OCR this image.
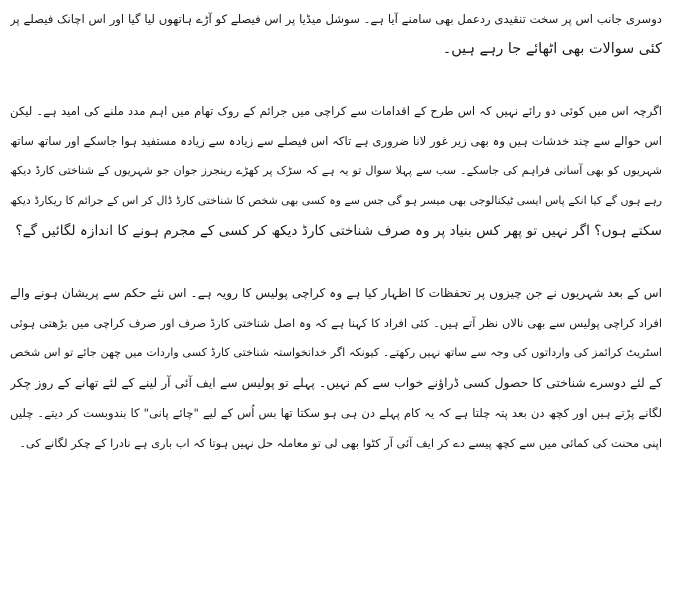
دوسری جانب اس پر سخت تنقیدی ردعمل بھی سامنے آیا ہے۔ سوشل میڈیا پر اس فیصلے کو آڑے ہاتھوں لیا گیا اور اس اچانک فیصلے پر
کئی سوالات بھی اٹھائے جا رہے ہیں۔
اگرچہ اس میں کوئی دو رائے نہیں کہ اس طرح کے اقدامات سے کراچی میں جرائم کے روک تھام میں اہم مدد ملنے کی امید ہے۔ لیکن
اس حوالے سے چند خدشات ہیں وہ بھی زیر غور لانا ضروری ہے تاکہ اس فیصلے سے زیادہ سے زیادہ مستفید ہوا جاسکے اور ساتھ ساتھ
شہریوں کو بھی آسانی فراہم کی جاسکے۔ سب سے پہلا سوال تو یہ ہے کہ سڑک پر کھڑے رینجرز جوان جو شہریوں کے شناختی کارڈ دیکھ
رہے ہوں گے کیا انکے پاس ایسی ٹیکنالوجی بھی میسر ہو گی جس سے وہ کسی بھی شخص کا شناختی کارڈ ڈال کر اس کے جرائم کا ریکارڈ دیکھ
سکتے ہوں؟ اگر نہیں تو پھر کس بنیاد پر وہ صرف شناختی کارڈ دیکھ کر کسی کے مجرم ہونے کا اندازہ لگائیں گے؟
اس کے بعد شہریوں نے جن چیزوں پر تحفظات کا اظہار کیا ہے وہ کراچی پولیس کا رویہ ہے۔ اس نئے حکم سے پریشان ہونے والے
افراد کراچی پولیس سے بھی نالاں نظر آتے ہیں۔ کئی افراد کا کہنا ہے کہ وہ اصل شناختی کارڈ صرف اور صرف کراچی میں بڑھتی ہوئی
اسٹریٹ کرائمز کی وارداتوں کی وجہ سے ساتھ نہیں رکھتے۔ کیونکہ اگر خدانخواستہ شناختی کارڈ کسی واردات میں چھن جائے تو اس شخص
کے لئے دوسرے شناختی کا حصول کسی ڈراؤنے خواب سے کم نہیں۔ پہلے تو پولیس سے ایف آئی آر لینے کے لئے تھانے کے روز چکر
لگانے پڑتے ہیں اور کچھ دن بعد پتہ چلتا ہے کہ یہ کام پہلے دن ہی ہو سکتا تھا بس اُس کے لیے "چائے پانی" کا بندوبست کر دیتے۔ چلیں
اپنی محنت کی کمائی میں سے کچھ پیسے دے کر ایف آئی آر کٹوا بھی لی تو معاملہ حل نہیں ہوتا کہ اب باری ہے نادرا کے چکر لگانے کی۔
